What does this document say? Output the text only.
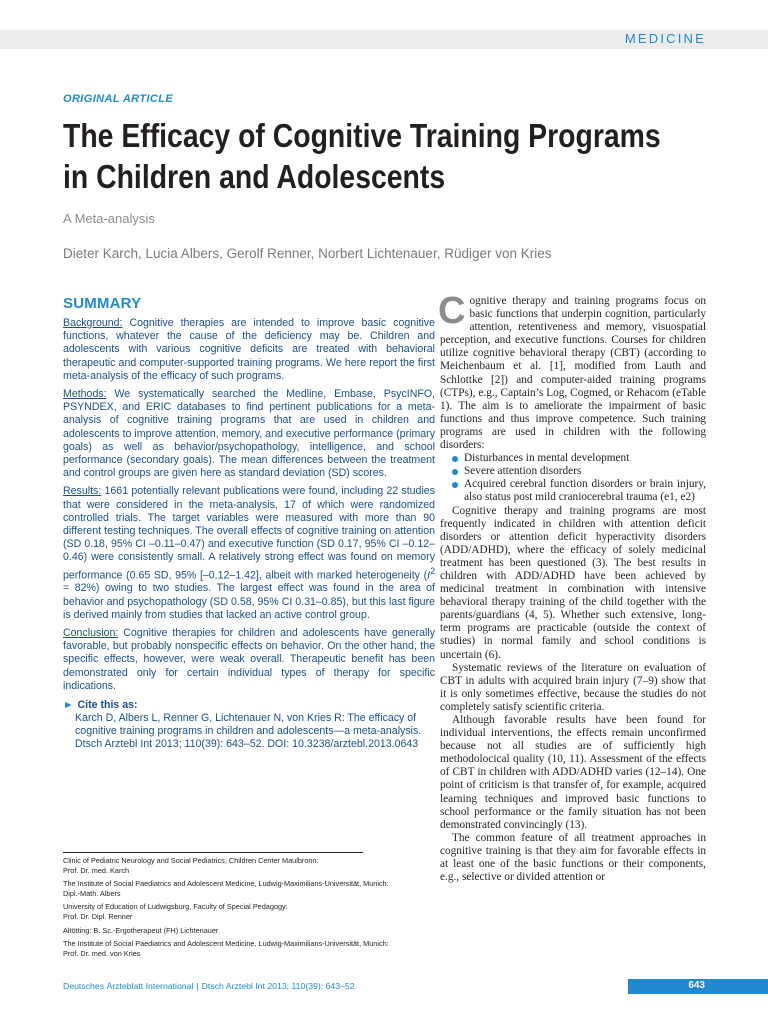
MEDICINE
ORIGINAL ARTICLE
The Efficacy of Cognitive Training Programs
in Children and Adolescents
A Meta-analysis
Dieter Karch, Lucia Albers, Gerolf Renner, Norbert Lichtenauer, Rüdiger von Kries
SUMMARY

Background: Cognitive therapies are intended to improve basic cognitive functions, whatever the cause of the deficiency may be. Children and adolescents with various cognitive deficits are treated with behavioral therapeutic and computer-supported training programs. We here report the first meta-analysis of the efficacy of such programs.

Methods: We systematically searched the Medline, Embase, PsycINFO, PSYNDEX, and ERIC databases to find pertinent publications for a meta-analysis of cognitive training programs that are used in children and adolescents to improve attention, memory, and executive performance (primary goals) as well as behavior/psychopathology, intelligence, and school performance (secondary goals). The mean differences between the treatment and control groups are given here as standard deviation (SD) scores.

Results: 1661 potentially relevant publications were found, including 22 studies that were considered in the meta-analysis, 17 of which were randomized controlled trials. The target variables were measured with more than 90 different testing techniques. The overall effects of cognitive training on attention (SD 0.18, 95% CI –0.11–0.47) and executive function (SD 0.17, 95% CI –0.12–0.46) were consistently small. A relatively strong effect was found on memory performance (0.65 SD, 95% [–0.12–1.42], albeit with marked heterogeneity $(I^2 = 82\%)$ owing to two studies. The largest effect was found in the area of behavior and psychopathology (SD 0.58, 95% CI 0.31–0.85), but this last figure is derived mainly from studies that lacked an active control group.

Conclusion: Cognitive therapies for children and adolescents have generally favorable, but probably nonspecific effects on behavior. On the other hand, the specific effects, however, were weak overall. Therapeutic benefit has been demonstrated only for certain individual types of therapy for specific indications.

► Cite this as:

Karch D, Albers L, Renner G, Lichtenauer N, von Kries R: The efficacy of cognitive training programs in children and adolescents—a meta-analysis. Dtsch Arztebl Int 2013; 110(39): 643–52. DOI: 10.3238/arztebl.2013.0643

Clinic of Pediatric Neurology and Social Pediatrics, Children Center Maulbronn:
Prof. Dr. med. Karch

The Institute of Social Paediatrics and Adolescent Medicine, Ludwig-Maximilians-Universität, Munich:
Dipl.-Math. Albers

University of Education of Ludwigsburg, Faculty of Special Pedagogy:
Prof. Dr. Dipl. Renner

Altötting: B. Sc.-Ergotherapeut (FH) Lichtenauer

The Institute of Social Paediatrics and Adolescent Medicine, Ludwig-Maximilians-Universität, Munich:
Prof. Dr. med. von Kries

Cognitive therapy and training programs focus on basic functions that underpin cognition, particularly attention, retentiveness and memory, visuospatial perception, and executive functions. Courses for children utilize cognitive behavioral therapy (CBT) (according to Meichenbaum et al. [1], modified from Lauth and Schlottke [2]) and computer-aided training programs (CTPs), e.g., Captain’s Log, Cogmed, or Rehacom (eTable 1). The aim is to ameliorate the impairment of basic functions and thus improve competence. Such training programs are used in children with the following disorders:

Disturbances in mental development
Severe attention disorders
Acquired cerebral function disorders or brain injury, also status post mild craniocerebral trauma (e1, e2)

Cognitive therapy and training programs are most frequently indicated in children with attention deficit disorders or attention deficit hyperactivity disorders (ADD/ADHD), where the efficacy of solely medicinal treatment has been questioned (3). The best results in children with ADD/ADHD have been achieved by medicinal treatment in combination with intensive behavioral therapy training of the child together with the parents/guardians (4, 5). Whether such extensive, long-term programs are practicable (outside the context of studies) in normal family and school conditions is uncertain (6).

Systematic reviews of the literature on evaluation of CBT in adults with acquired brain injury (7–9) show that it is only sometimes effective, because the studies do not completely satisfy scientific criteria.

Although favorable results have been found for individual interventions, the effects remain unconfirmed because not all studies are of sufficiently high methodolocical quality (10, 11). Assessment of the effects of CBT in children with ADD/ADHD varies (12–14). One point of criticism is that transfer of, for example, acquired learning techniques and improved basic functions to school performance or the family situation has not been demonstrated convincingly (13).

The common feature of all treatment approaches in cognitive training is that they aim for favorable effects in at least one of the basic functions or their components, e.g., selective or divided attention or

Deutsches Ärzteblatt International | Dtsch Arztebl Int 2013; 110(39): 643–52	643
